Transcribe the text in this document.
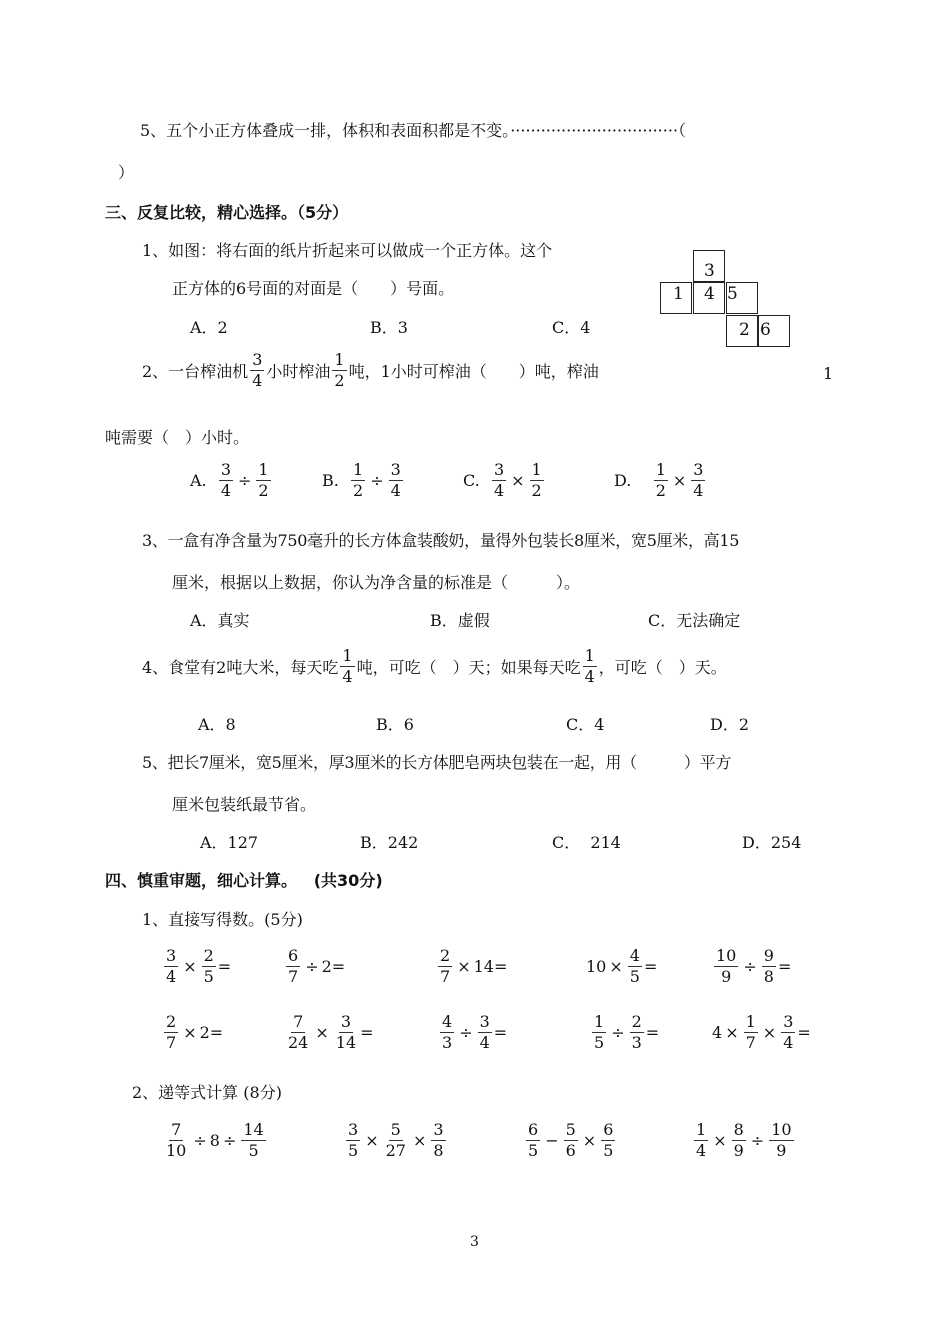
5、五个小正方体叠成一排，体积和表面积都是不变。·································（
）
三、反复比较，精心选择。（5分）
1、如图：将右面的纸片折起来可以做成一个正方体。这个
正方体的6号面的对面是（　　）号面。
A．2	B．3	C．4
3
1 4 5
2 6
2、一台榨油机 $\frac{3}{4}$ 小时榨油 $\frac{1}{2}$ 吨，1小时可榨油（　　）吨，榨油	1
吨需要（　）小时。
A.
$\frac{3}{4} \div \frac{1}{2}$	B.
$\frac{1}{2} \div \frac{3}{4}$	C.
$\frac{3}{4} \times \frac{1}{2}$	D.
$\frac{1}{2} \times \frac{3}{4}$
3、一盒有净含量为750毫升的长方体盒装酸奶，量得外包装长8厘米，宽5厘米，高15
厘米，根据以上数据，你认为净含量的标准是（　　　）。
A．真实	B．虚假	C．无法确定
4、食堂有2吨大米，每天吃 $\frac{1}{4}$ 吨，可吃（　）天；如果每天吃 $\frac{1}{4}$ ，可吃（　）天。
A．8	B．6	C．4	D．2
5、把长7厘米，宽5厘米，厚3厘米的长方体肥皂两块包装在一起，用（　　　）平方
厘米包装纸最节省。
A．127	B．242	C．  214	D．254
四、慎重审题，细心计算。 (共30分)
1、直接写得数。(5分)
$\frac{3}{4} \times \frac{2}{5}$ =	$\frac{6}{7} \div 2$ =	$\frac{2}{7} \times 14$ =	$10 \times \frac{4}{5}$ =	$\frac{10}{9} \div \frac{9}{8}$ =
$\frac{2}{7} \times 2$ =	$\frac{7}{24} \times \frac{3}{14}$ =	$\frac{4}{3} \div \frac{3}{4}$ =	$\frac{1}{5} \div \frac{2}{3}$ =	$4 \times \frac{1}{7} \times \frac{3}{4}$ =
2、递等式计算 (8分)
$\frac{7}{10} \div 8 \div \frac{14}{5}$	$\frac{3}{5} \times \frac{5}{27} \times \frac{3}{8}$	$\frac{6}{5} - \frac{5}{6} \times \frac{6}{5}$	$\frac{1}{4} \times \frac{8}{9} \div \frac{10}{9}$
3
